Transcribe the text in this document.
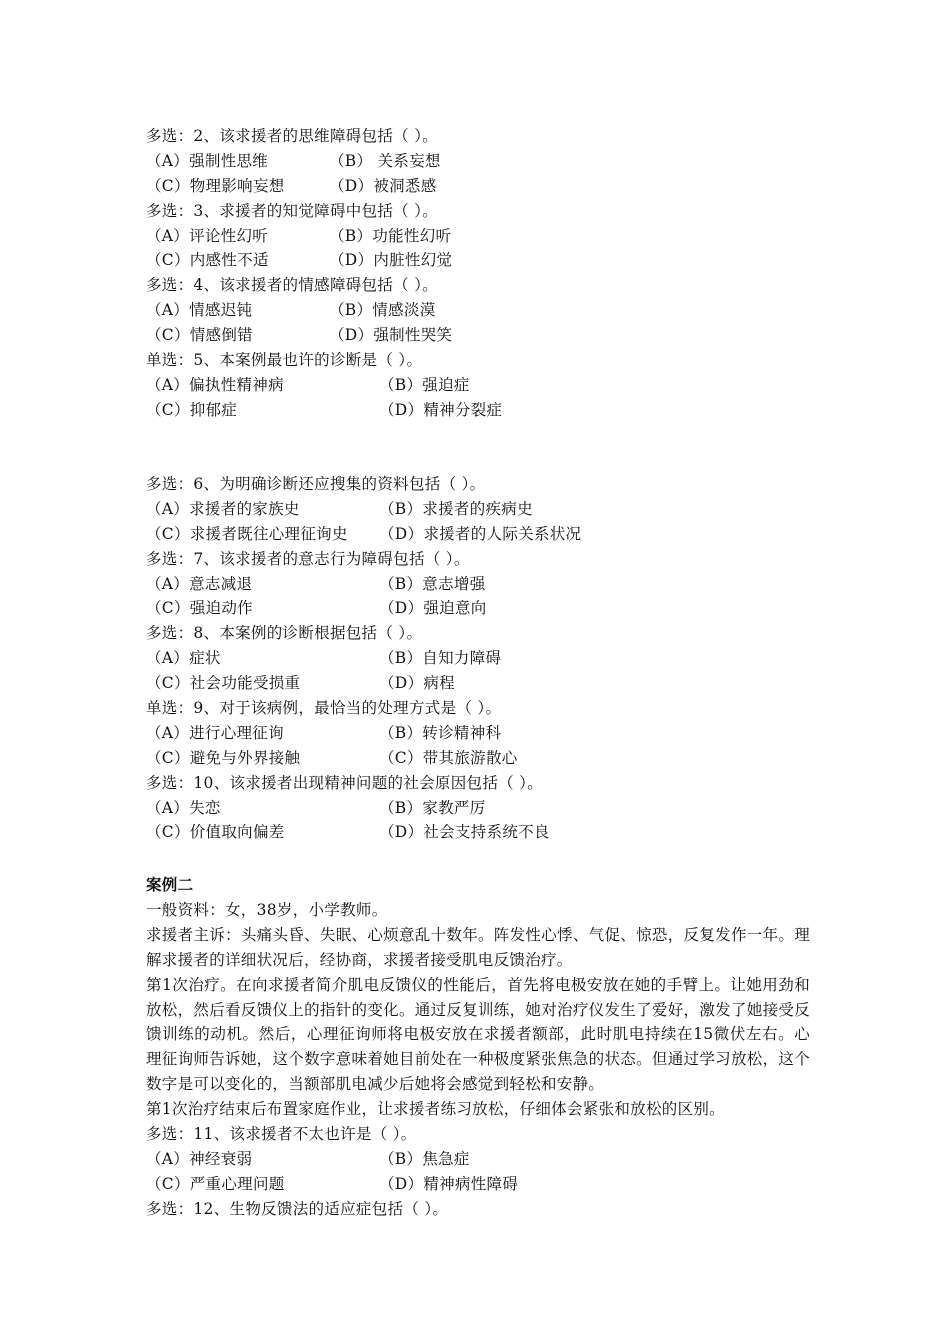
多选：2、该求援者的思维障碍包括（ ）。
（A）强制性思维	（B） 关系妄想
（C）物理影响妄想	（D）被洞悉感
多选：3、求援者的知觉障碍中包括（ ）。
（A）评论性幻听	（B）功能性幻听
（C）内感性不适	（D）内脏性幻觉
多选：4、该求援者的情感障碍包括（ ）。
（A）情感迟钝	（B）情感淡漠
（C）情感倒错	（D）强制性哭笑
单选：5、本案例最也许的诊断是（ ）。
（A）偏执性精神病	（B）强迫症
（C）抑郁症	（D）精神分裂症
多选：6、为明确诊断还应搜集的资料包括（ ）。
（A）求援者的家族史	（B）求援者的疾病史
（C）求援者既往心理征询史 （D）求援者的人际关系状况
多选：7、该求援者的意志行为障碍包括（ ）。
（A）意志减退	（B）意志增强
（C）强迫动作	（D）强迫意向
多选：8、本案例的诊断根据包括（ ）。
（A）症状	（B）自知力障碍
（C）社会功能受损重	（D）病程
单选：9、对于该病例，最恰当的处理方式是（ ）。
（A）进行心理征询	（B）转诊精神科
（C）避免与外界接触	（C）带其旅游散心
多选：10、该求援者出现精神问题的社会原因包括（ ）。
（A）失恋	（B）家教严厉
（C）价值取向偏差	（D）社会支持系统不良
案例二
一般资料：女，38岁，小学教师。
求援者主诉：头痛头昏、失眠、心烦意乱十数年。阵发性心悸、气促、惊恐，反复发作一年。理解求援者的详细状况后，经协商，求援者接受肌电反馈治疗。
第1次治疗。在向求援者简介肌电反馈仪的性能后，首先将电极安放在她的手臂上。让她用劲和放松，然后看反馈仪上的指针的变化。通过反复训练，她对治疗仪发生了爱好，激发了她接受反馈训练的动机。然后，心理征询师将电极安放在求援者额部，此时肌电持续在15微伏左右。心理征询师告诉她，这个数字意味着她目前处在一种极度紧张焦急的状态。但通过学习放松，这个数字是可以变化的，当额部肌电减少后她将会感觉到轻松和安静。
第1次治疗结束后布置家庭作业，让求援者练习放松，仔细体会紧张和放松的区别。
多选：11、该求援者不太也许是（ ）。
（A）神经衰弱	（B）焦急症
（C）严重心理问题	（D）精神病性障碍
多选：12、生物反馈法的适应症包括（ ）。
